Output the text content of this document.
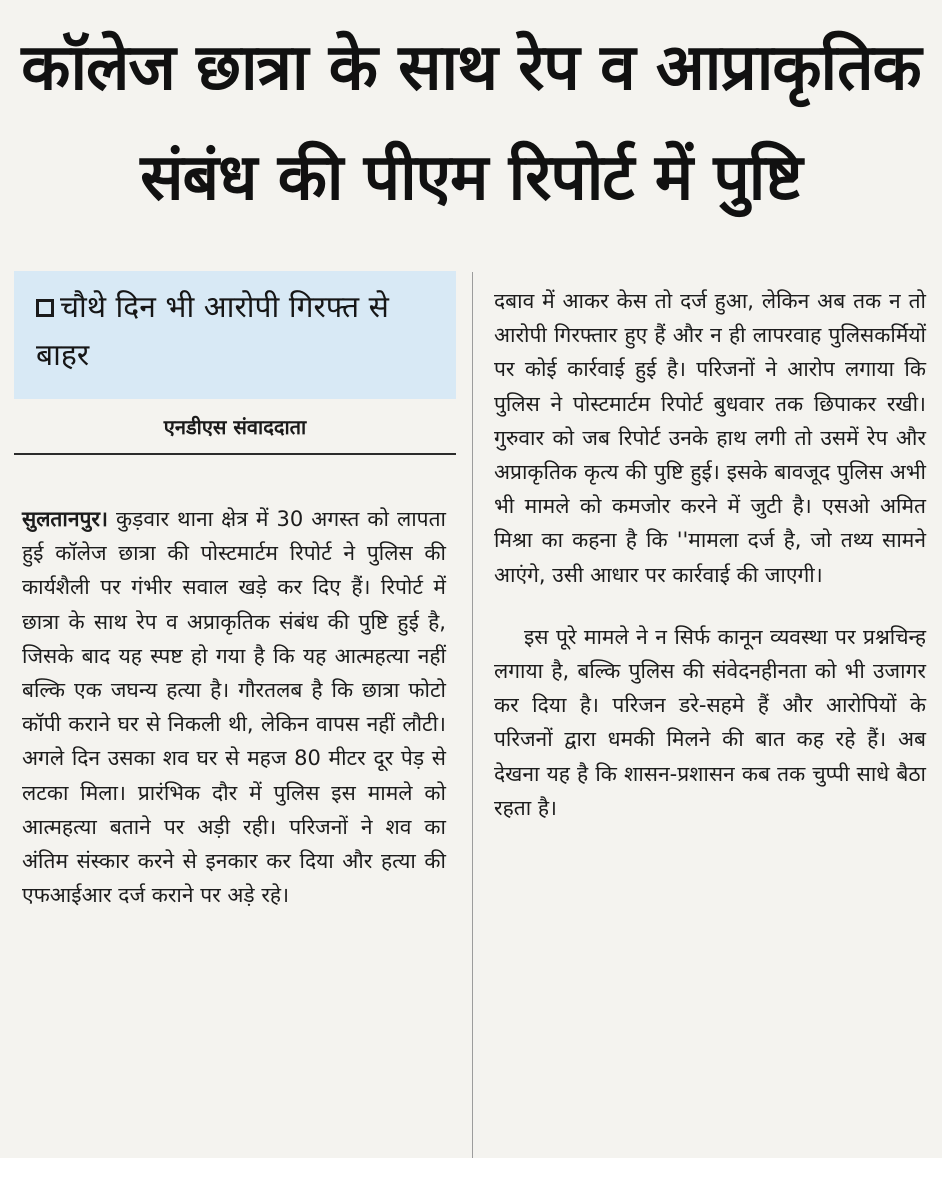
कॉलेज छात्रा के साथ रेप व आप्राकृतिक
संबंध की पीएम रिपोर्ट में पुष्टि
चौथे दिन भी आरोपी गिरफ्त से बाहर
एनडीएस संवाददाता

सुलतानपुर। कुड़वार थाना क्षेत्र में 30 अगस्त को लापता हुई कॉलेज छात्रा की पोस्टमार्टम रिपोर्ट ने पुलिस की कार्यशैली पर गंभीर सवाल खड़े कर दिए हैं। रिपोर्ट में छात्रा के साथ रेप व अप्राकृतिक संबंध की पुष्टि हुई है, जिसके बाद यह स्पष्ट हो गया है कि यह आत्महत्या नहीं बल्कि एक जघन्य हत्या है। गौरतलब है कि छात्रा फोटो कॉपी कराने घर से निकली थी, लेकिन वापस नहीं लौटी। अगले दिन उसका शव घर से महज 80 मीटर दूर पेड़ से लटका मिला। प्रारंभिक दौर में पुलिस इस मामले को आत्महत्या बताने पर अड़ी रही। परिजनों ने शव का अंतिम संस्कार करने से इनकार कर दिया और हत्या की एफआईआर दर्ज कराने पर अड़े रहे।

दबाव में आकर केस तो दर्ज हुआ, लेकिन अब तक न तो आरोपी गिरफ्तार हुए हैं और न ही लापरवाह पुलिसकर्मियों पर कोई कार्रवाई हुई है। परिजनों ने आरोप लगाया कि पुलिस ने पोस्टमार्टम रिपोर्ट बुधवार तक छिपाकर रखी। गुरुवार को जब रिपोर्ट उनके हाथ लगी तो उसमें रेप और अप्राकृतिक कृत्य की पुष्टि हुई। इसके बावजूद पुलिस अभी भी मामले को कमजोर करने में जुटी है। एसओ अमित मिश्रा का कहना है कि ''मामला दर्ज है, जो तथ्य सामने आएंगे, उसी आधार पर कार्रवाई की जाएगी।

इस पूरे मामले ने न सिर्फ कानून व्यवस्था पर प्रश्नचिन्ह लगाया है, बल्कि पुलिस की संवेदनहीनता को भी उजागर कर दिया है। परिजन डरे-सहमे हैं और आरोपियों के परिजनों द्वारा धमकी मिलने की बात कह रहे हैं। अब देखना यह है कि शासन-प्रशासन कब तक चुप्पी साधे बैठा रहता है।
